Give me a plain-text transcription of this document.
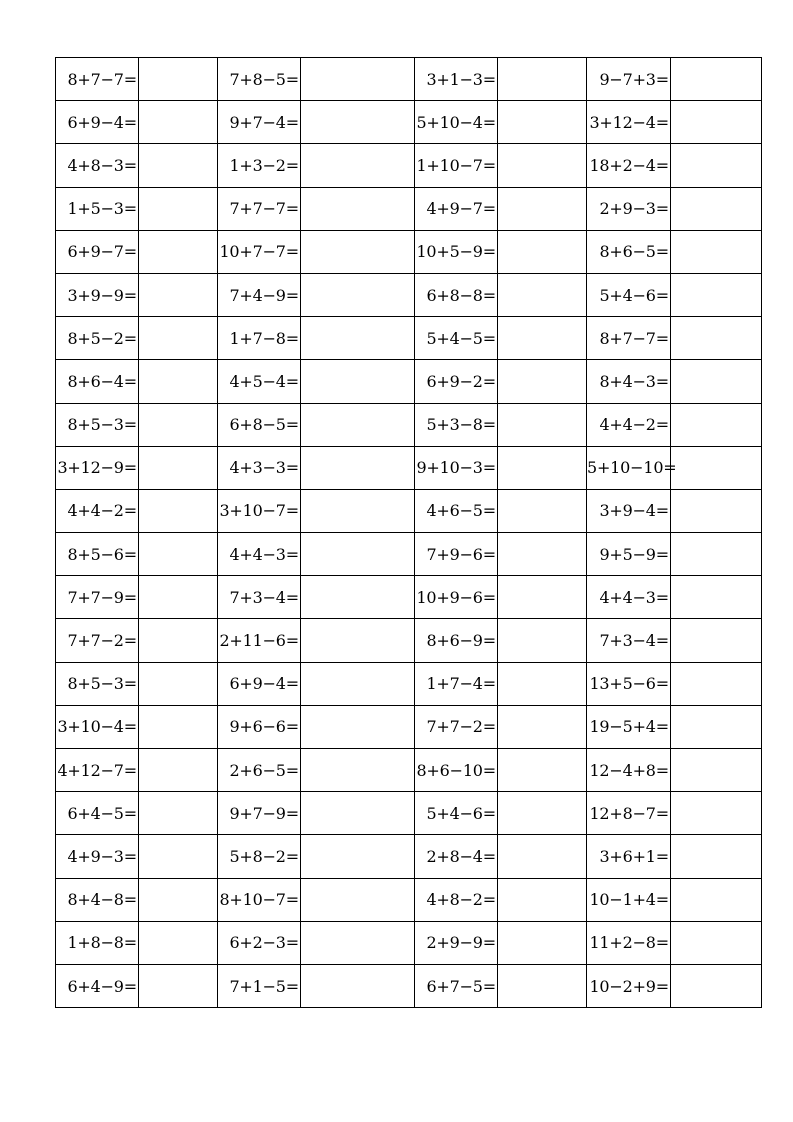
8+7−7=		7+8−5=		3+1−3=		9−7+3=	
6+9−4=		9+7−4=		5+10−4=		3+12−4=	
4+8−3=		1+3−2=		1+10−7=		18+2−4=	
1+5−3=		7+7−7=		4+9−7=		2+9−3=	
6+9−7=		10+7−7=		10+5−9=		8+6−5=	
3+9−9=		7+4−9=		6+8−8=		5+4−6=	
8+5−2=		1+7−8=		5+4−5=		8+7−7=	
8+6−4=		4+5−4=		6+9−2=		8+4−3=	
8+5−3=		6+8−5=		5+3−8=		4+4−2=	
3+12−9=		4+3−3=		9+10−3=		5+10−10=	
4+4−2=		3+10−7=		4+6−5=		3+9−4=	
8+5−6=		4+4−3=		7+9−6=		9+5−9=	
7+7−9=		7+3−4=		10+9−6=		4+4−3=	
7+7−2=		2+11−6=		8+6−9=		7+3−4=	
8+5−3=		6+9−4=		1+7−4=		13+5−6=	
3+10−4=		9+6−6=		7+7−2=		19−5+4=	
4+12−7=		2+6−5=		8+6−10=		12−4+8=	
6+4−5=		9+7−9=		5+4−6=		12+8−7=	
4+9−3=		5+8−2=		2+8−4=		3+6+1=	
8+4−8=		8+10−7=		4+8−2=		10−1+4=	
1+8−8=		6+2−3=		2+9−9=		11+2−8=	
6+4−9=		7+1−5=		6+7−5=		10−2+9=	
